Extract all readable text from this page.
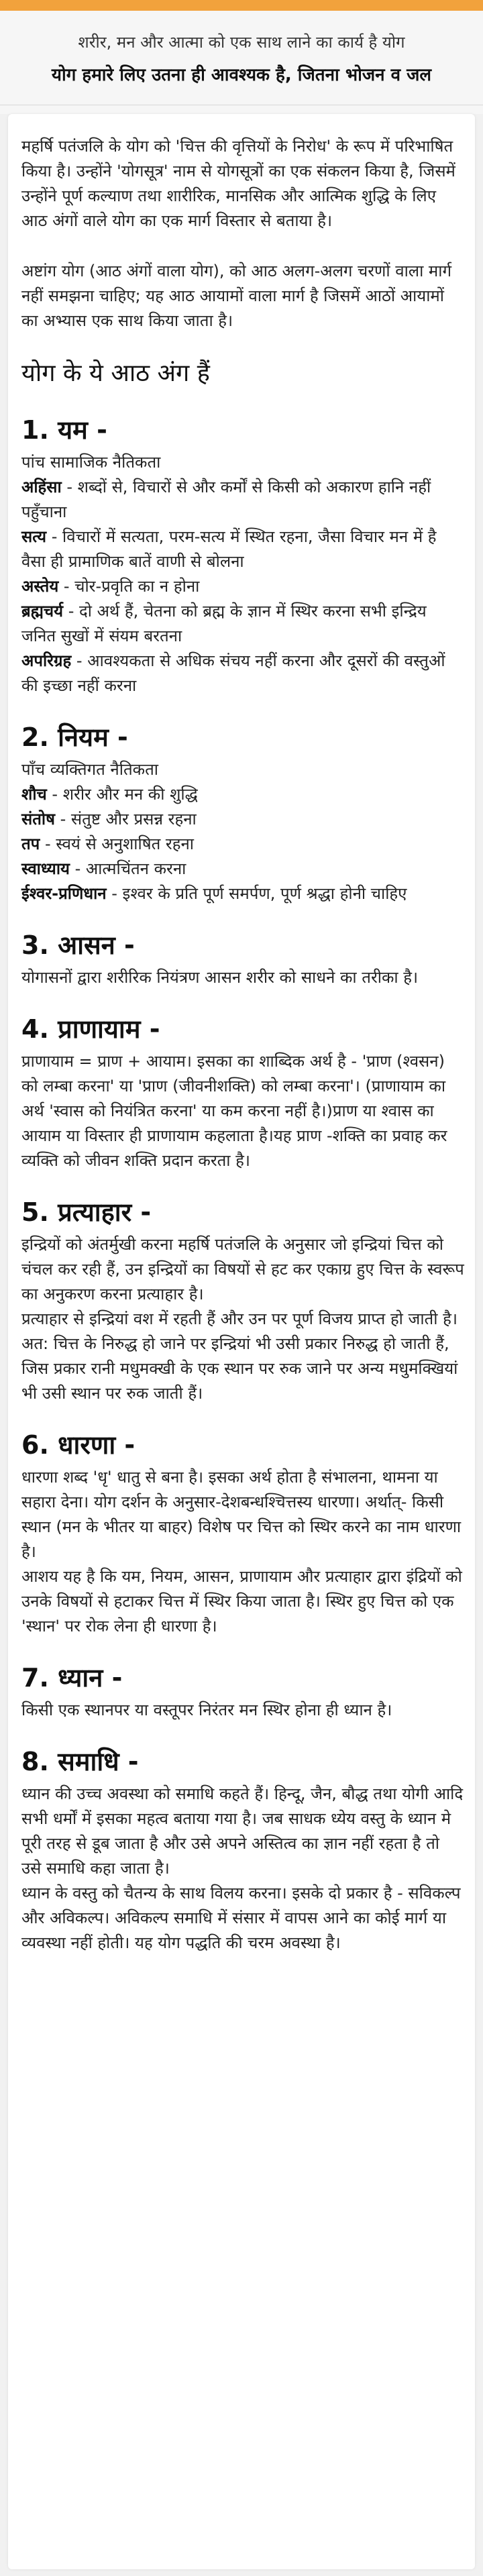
शरीर, मन और आत्मा को एक साथ लाने का कार्य है योग
योग हमारे लिए उतना ही आवश्यक है, जितना भोजन व जल

महर्षि पतंजलि के योग को 'चित्त की वृत्तियों के निरोध' के रूप में परिभाषित किया है। उन्होंने 'योगसूत्र' नाम से योगसूत्रों का एक संकलन किया है, जिसमें उन्होंने पूर्ण कल्याण तथा शारीरिक, मानसिक और आत्मिक शुद्धि के लिए आठ अंगों वाले योग का एक मार्ग विस्तार से बताया है।

अष्टांग योग (आठ अंगों वाला योग), को आठ अलग-अलग चरणों वाला मार्ग नहीं समझना चाहिए; यह आठ आयामों वाला मार्ग है जिसमें आठों आयामों का अभ्यास एक साथ किया जाता है।

योग के ये आठ अंग हैं
1. यम -
पांच सामाजिक नैतिकता
अहिंसा - शब्दों से, विचारों से और कर्मों से किसी को अकारण हानि नहीं पहुँचाना
सत्य - विचारों में सत्यता, परम-सत्य में स्थित रहना, जैसा विचार मन में है वैसा ही प्रामाणिक बातें वाणी से बोलना
अस्तेय - चोर-प्रवृति का न होना
ब्रह्मचर्य - दो अर्थ हैं, चेतना को ब्रह्म के ज्ञान में स्थिर करना सभी इन्द्रिय जनित सुखों में संयम बरतना
अपरिग्रह - आवश्यकता से अधिक संचय नहीं करना और दूसरों की वस्तुओं की इच्छा नहीं करना
2. नियम -
पाँच व्यक्तिगत नैतिकता
शौच - शरीर और मन की शुद्धि
संतोष - संतुष्ट और प्रसन्न रहना
तप - स्वयं से अनुशाषित रहना
स्वाध्याय - आत्मचिंतन करना
ईश्वर-प्रणिधान - इश्वर के प्रति पूर्ण समर्पण, पूर्ण श्रद्धा होनी चाहिए
3. आसन -
योगासनों द्वारा शरीरिक नियंत्रण आसन शरीर को साधने का तरीका है।
4. प्राणायाम -
प्राणायाम = प्राण + आयाम। इसका का शाब्दिक अर्थ है - 'प्राण (श्वसन) को लम्बा करना' या 'प्राण (जीवनीशक्ति) को लम्बा करना'। (प्राणायाम का अर्थ 'स्वास को नियंत्रित करना' या कम करना नहीं है।)प्राण या श्वास का आयाम या विस्तार ही प्राणायाम कहलाता है।यह प्राण -शक्ति का प्रवाह कर व्यक्ति को जीवन शक्ति प्रदान करता है।
5. प्रत्याहार -
इन्द्रियों को अंतर्मुखी करना महर्षि पतंजलि के अनुसार जो इन्द्रियां चित्त को चंचल कर रही हैं, उन इन्द्रियों का विषयों से हट कर एकाग्र हुए चित्त के स्वरूप का अनुकरण करना प्रत्याहार है।
प्रत्याहार से इन्द्रियां वश में रहती हैं और उन पर पूर्ण विजय प्राप्त हो जाती है। अत: चित्त के निरुद्ध हो जाने पर इन्द्रियां भी उसी प्रकार निरुद्ध हो जाती हैं, जिस प्रकार रानी मधुमक्खी के एक स्थान पर रुक जाने पर अन्य मधुमक्खियां भी उसी स्थान पर रुक जाती हैं।
6. धारणा -
धारणा शब्द 'धृ' धातु से बना है। इसका अर्थ होता है संभालना, थामना या सहारा देना। योग दर्शन के अनुसार-देशबन्धश्चित्तस्य धारणा। अर्थात्- किसी स्थान (मन के भीतर या बाहर) विशेष पर चित्त को स्थिर करने का नाम धारणा है।
आशय यह है कि यम, नियम, आसन, प्राणायाम और प्रत्याहार द्वारा इंद्रियों को उनके विषयों से हटाकर चित्त में स्थिर किया जाता है। स्थिर हुए चित्त को एक 'स्थान' पर रोक लेना ही धारणा है।
7. ध्यान -
किसी एक स्थानपर या वस्तूपर निरंतर मन स्थिर होना ही ध्यान है।
8. समाधि -
ध्यान की उच्च अवस्था को समाधि कहते हैं। हिन्दू, जैन, बौद्ध तथा योगी आदि सभी धर्मों में इसका महत्व बताया गया है। जब साधक ध्येय वस्तु के ध्यान मे पूरी तरह से डूब जाता है और उसे अपने अस्तित्व का ज्ञान नहीं रहता है तो उसे समाधि कहा जाता है।
ध्यान के वस्तु को चैतन्य के साथ विलय करना। इसके दो प्रकार है - सविकल्प और अविकल्प। अविकल्प समाधि में संसार में वापस आने का कोई मार्ग या व्यवस्था नहीं होती। यह योग पद्धति की चरम अवस्था है।
